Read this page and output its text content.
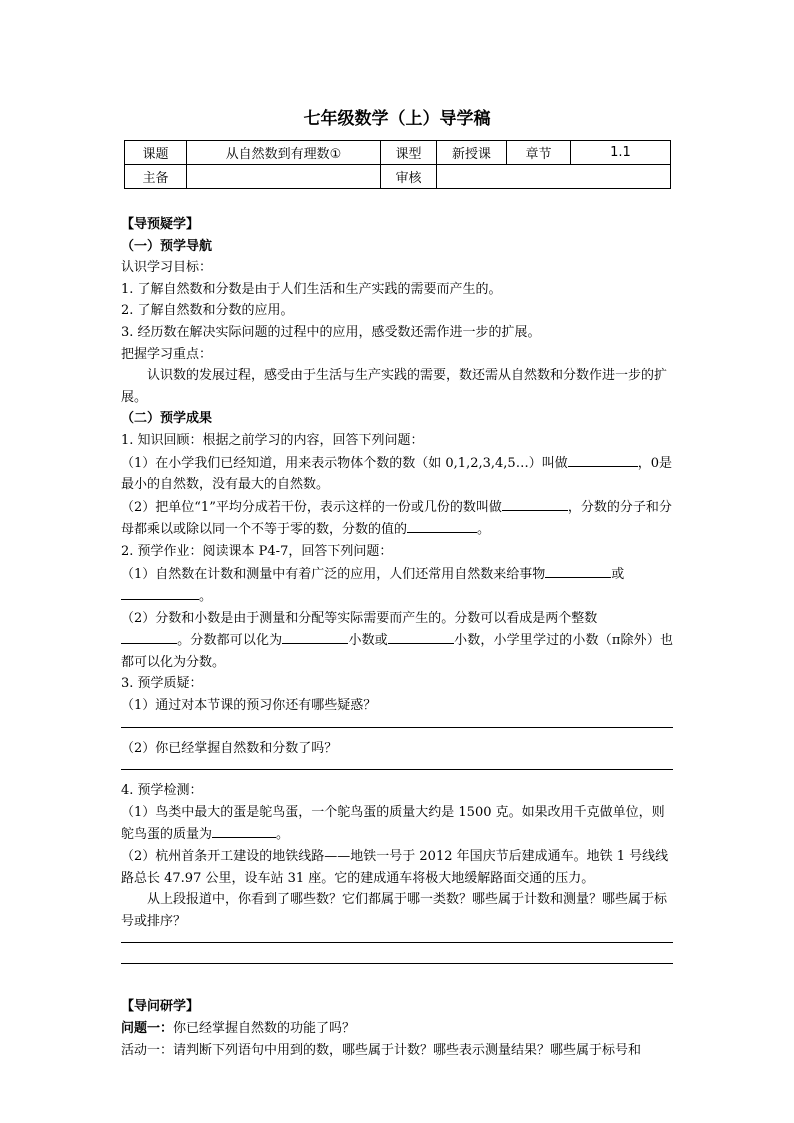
七年级数学（上）导学稿
课题	从自然数到有理数①	课型	新授课	章节	1.1
主备		审核			

【导预疑学】

（一）预学导航

认识学习目标：

1. 了解自然数和分数是由于人们生活和生产实践的需要而产生的。

2. 了解自然数和分数的应用。

3. 经历数在解决实际问题的过程中的应用，感受数还需作进一步的扩展。

把握学习重点：

认识数的发展过程，感受由于生活与生产实践的需要，数还需从自然数和分数作进一步的扩展。

（二）预学成果

1. 知识回顾：根据之前学习的内容，回答下列问题：

（1）在小学我们已经知道，用来表示物体个数的数（如 0,1,2,3,4,5…）叫做	，0是最小的自然数，没有最大的自然数。

（2）把单位“1”平均分成若干份，表示这样的一份或几份的数叫做	，分数的分子和分母都乘以或除以同一个不等于零的数，分数的值的	。

2. 预学作业：阅读课本 P4-7，回答下列问题：

（1）自然数在计数和测量中有着广泛的应用，人们还常用自然数来给事物	或
。

（2）分数和小数是由于测量和分配等实际需要而产生的。分数可以看成是两个整数
。分数都可以化为	小数或	小数，小学里学过的小数（π除外）也都可以化为分数。

3. 预学质疑：

（1）通过对本节课的预习你还有哪些疑惑？

（2）你已经掌握自然数和分数了吗？

4. 预学检测：

（1）鸟类中最大的蛋是鸵鸟蛋，一个鸵鸟蛋的质量大约是 1500 克。如果改用千克做单位，则鸵鸟蛋的质量为	。

（2）杭州首条开工建设的地铁线路——地铁一号于 2012 年国庆节后建成通车。地铁 1 号线线路总长 47.97 公里，设车站 31 座。它的建成通车将极大地缓解路面交通的压力。

从上段报道中，你看到了哪些数？它们都属于哪一类数？哪些属于计数和测量？哪些属于标号或排序？

【导问研学】

问题一：你已经掌握自然数的功能了吗？

活动一：请判断下列语句中用到的数，哪些属于计数？哪些表示测量结果？哪些属于标号和
